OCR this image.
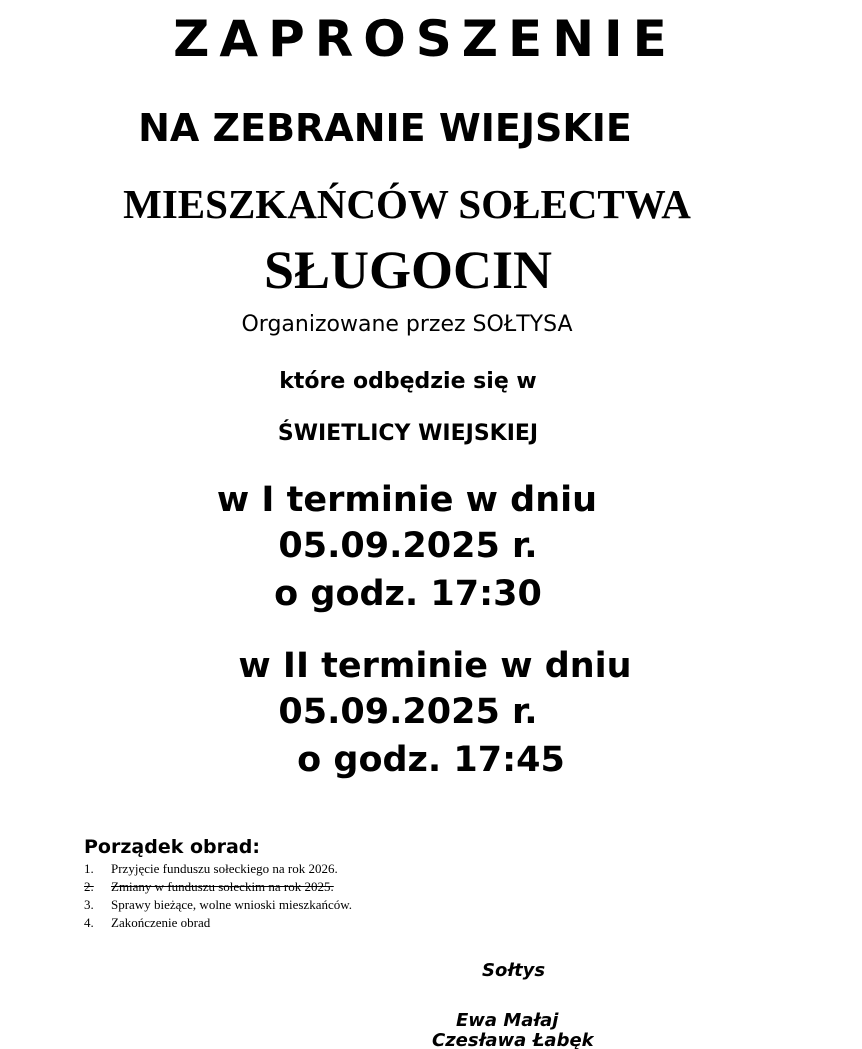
ZAPROSZENIE
NA ZEBRANIE WIEJSKIE
MIESZKAŃCÓW SOŁECTWA
SŁUGOCIN
Organizowane przez SOŁTYSA
które odbędzie się w
ŚWIETLICY WIEJSKIEJ
w I terminie w dniu
05.09.2025 r.
o godz. 17:30
w II terminie w dniu
05.09.2025 r.
o godz. 17:45

Porządek obrad:

1.	Przyjęcie funduszu sołeckiego na rok 2026.
2.	Zmiany w funduszu sołeckim na rok 2025.
3.	Sprawy bieżące, wolne wnioski mieszkańców.
4.	Zakończenie obrad
Sołtys
Czesława Łabęk
Ewa Małaj
